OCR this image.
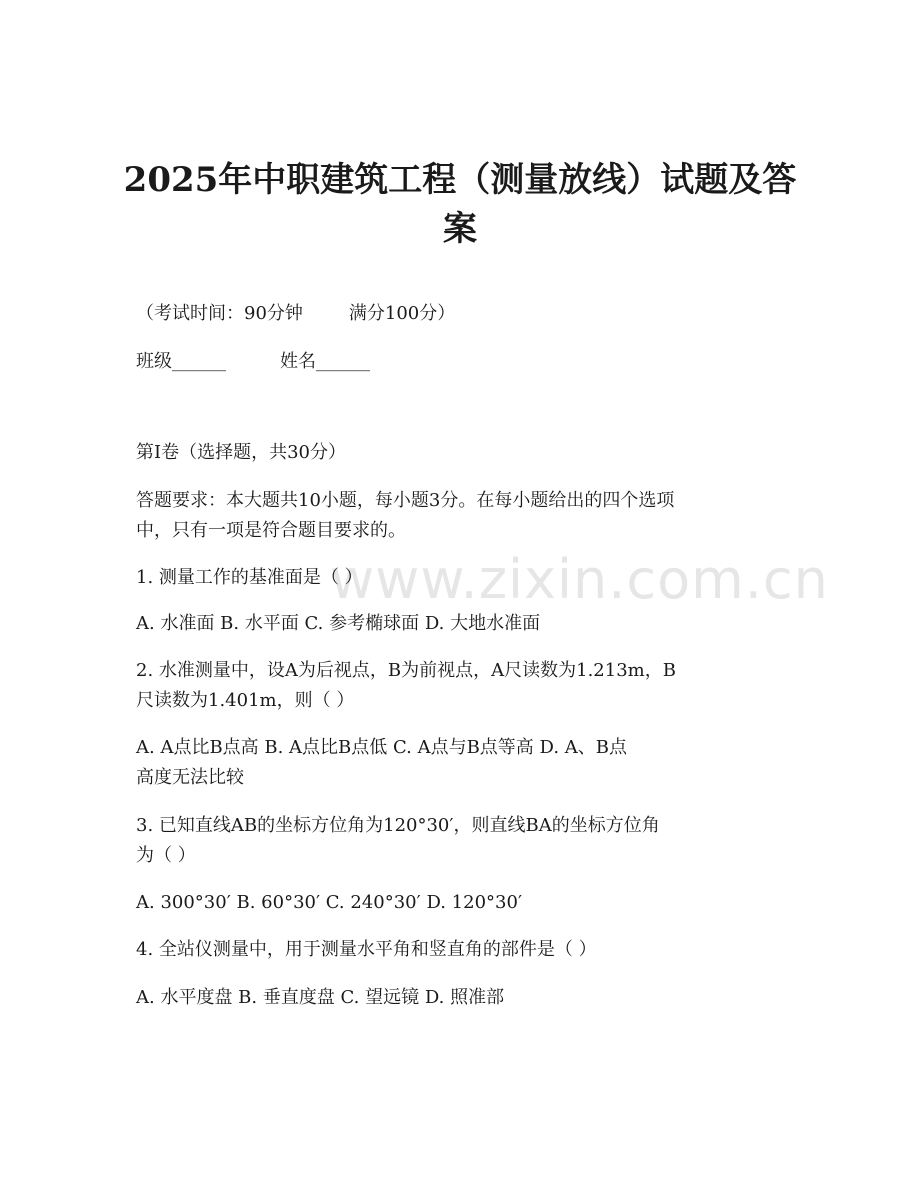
www.zixin.com.cn
2025年中职建筑工程（测量放线）试题及答
案

（考试时间：90分钟	满分100分）

班级______	姓名______

第I卷（选择题，共30分）

答题要求：本大题共10小题，每小题3分。在每小题给出的四个选项

中，只有一项是符合题目要求的。

1. 测量工作的基准面是（ ）

A. 水准面 B. 水平面 C. 参考椭球面 D. 大地水准面

2. 水准测量中，设A为后视点，B为前视点，A尺读数为1.213m，B

尺读数为1.401m，则（ ）

A. A点比B点高 B. A点比B点低 C. A点与B点等高 D. A、B点

高度无法比较

3. 已知直线AB的坐标方位角为120°30′，则直线BA的坐标方位角

为（ ）

A. 300°30′ B. 60°30′ C. 240°30′ D. 120°30′

4. 全站仪测量中，用于测量水平角和竖直角的部件是（ ）

A. 水平度盘 B. 垂直度盘 C. 望远镜 D. 照准部
